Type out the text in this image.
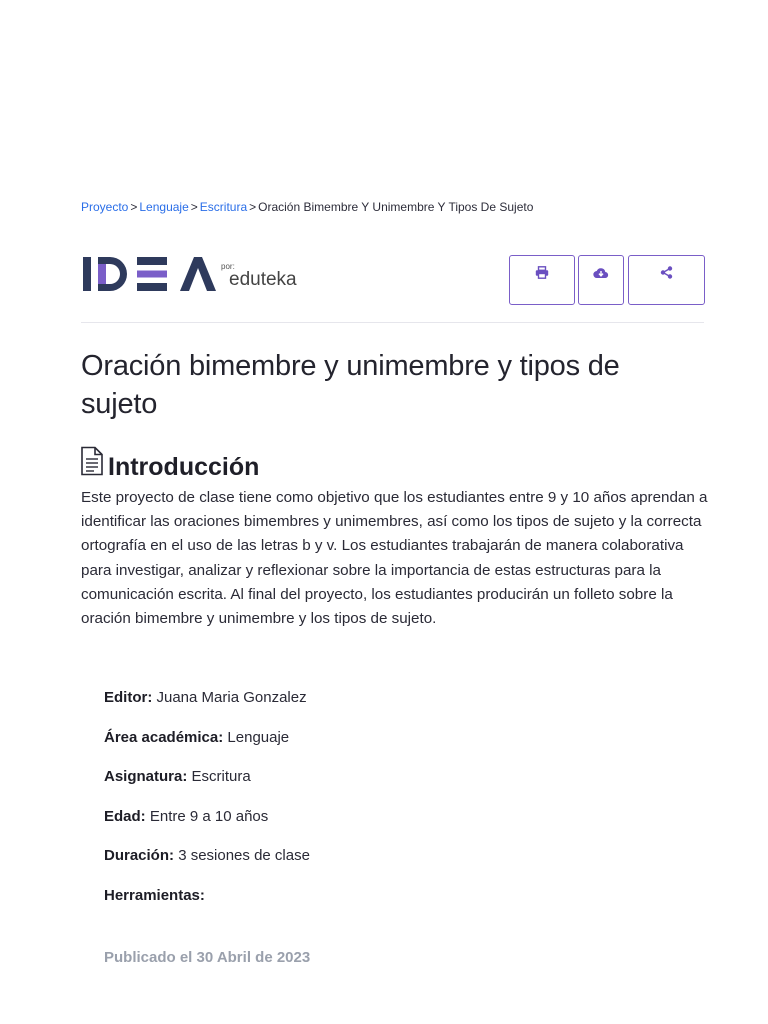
Proyecto > Lenguaje > Escritura > Oración Bimembre Y Unimembre Y Tipos De Sujeto
por:
eduteka
Oración bimembre y unimembre y tipos de sujeto
Introducción

Este proyecto de clase tiene como objetivo que los estudiantes entre 9 y 10 años aprendan a identificar las oraciones bimembres y unimembres, así como los tipos de sujeto y la correcta ortografía en el uso de las letras b y v. Los estudiantes trabajarán de manera colaborativa para investigar, analizar y reflexionar sobre la importancia de estas estructuras para la comunicación escrita. Al final del proyecto, los estudiantes producirán un folleto sobre la oración bimembre y unimembre y los tipos de sujeto.

Editor: Juana Maria Gonzalez
Área académica: Lenguaje
Asignatura: Escritura
Edad: Entre 9 a 10 años
Duración: 3 sesiones de clase
Herramientas:
Publicado el 30 Abril de 2023
